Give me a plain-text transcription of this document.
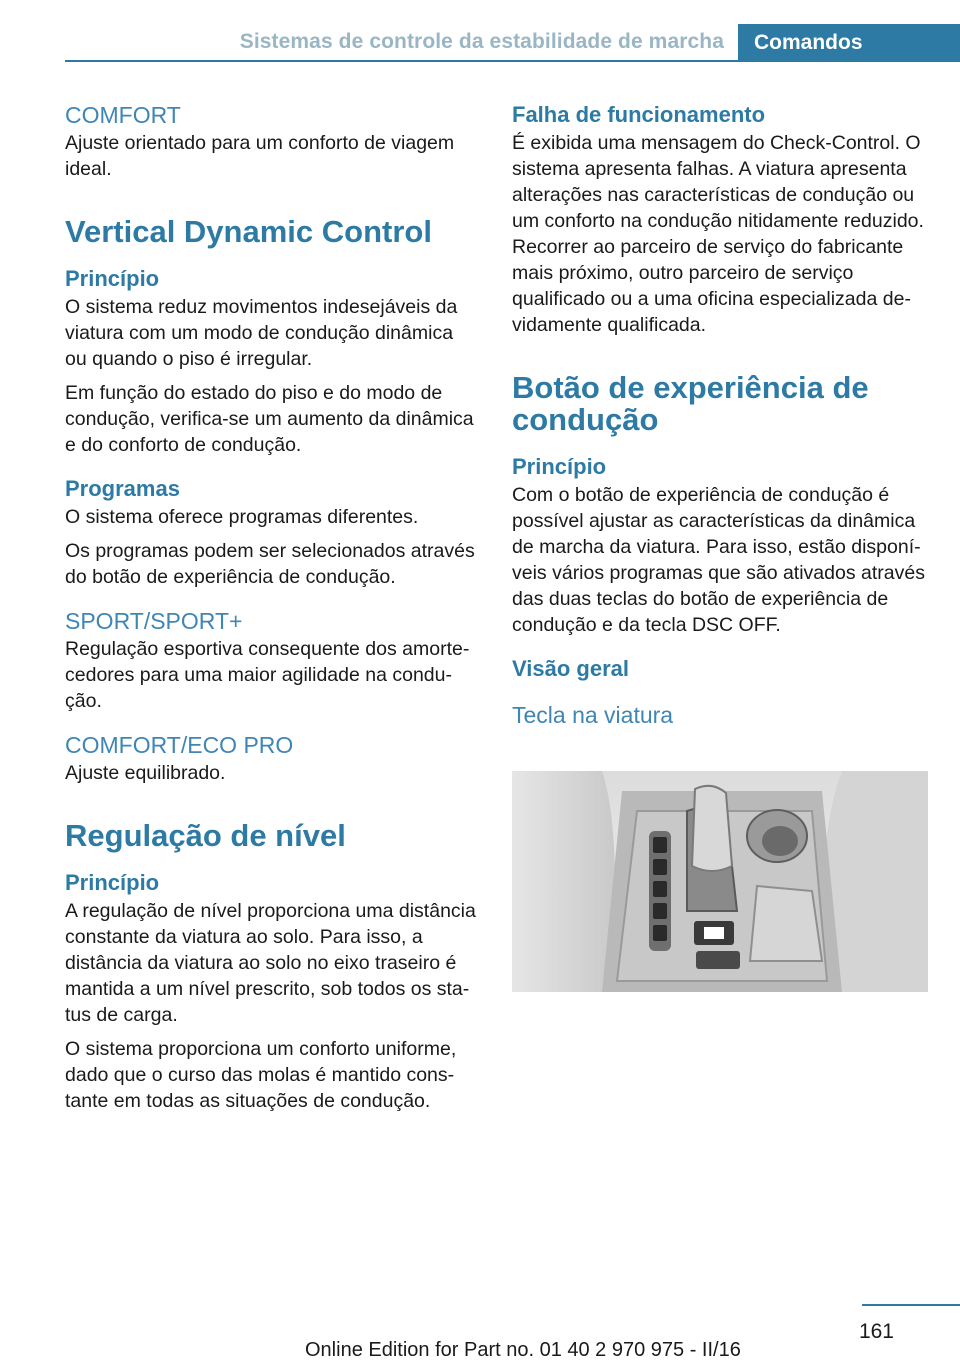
Sistemas de controle da estabilidade de marcha	Comandos
COMFORT

Ajuste orientado para um conforto de viagem ideal.

Vertical Dynamic Control
Princípio

O sistema reduz movimentos indesejáveis da viatura com um modo de condução dinâmica ou quando o piso é irregular.

Em função do estado do piso e do modo de condução, verifica-se um aumento da dinâmica e do conforto de condução.

Programas

O sistema oferece programas diferentes.

Os programas podem ser selecionados através do botão de experiência de condução.

SPORT/SPORT+

Regulação esportiva consequente dos amortecedores para uma maior agilidade na condução.

COMFORT/ECO PRO

Ajuste equilibrado.

Regulação de nível
Princípio

A regulação de nível proporciona uma distância constante da viatura ao solo. Para isso, a distância da viatura ao solo no eixo traseiro é mantida a um nível prescrito, sob todos os status de carga.

O sistema proporciona um conforto uniforme, dado que o curso das molas é mantido constante em todas as situações de condução.

Falha de funcionamento

É exibida uma mensagem do Check-Control. O sistema apresenta falhas. A viatura apresenta alterações nas características de condução ou um conforto na condução nitidamente reduzido. Recorrer ao parceiro de serviço do fabricante mais próximo, outro parceiro de serviço qualificado ou a uma oficina especializada devidamente qualificada.

Botão de experiência de condução
Princípio

Com o botão de experiência de condução é possível ajustar as características da dinâmica de marcha da viatura. Para isso, estão disponíveis vários programas que são ativados através das duas teclas do botão de experiência de condução e da tecla DSC OFF.

Visão geral
Tecla na viatura
161
Online Edition for Part no. 01 40 2 970 975 - II/16
